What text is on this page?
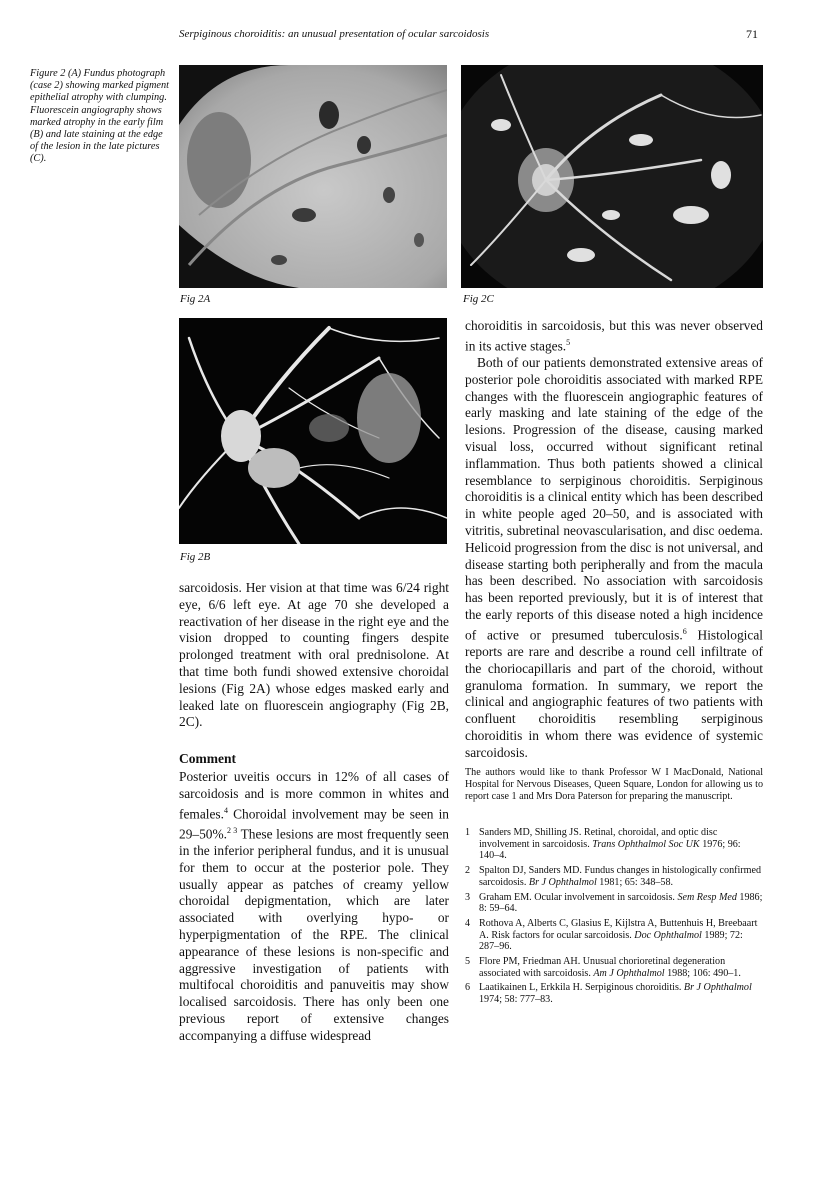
Serpiginous choroiditis: an unusual presentation of ocular sarcoidosis	71
Figure 2 (A) Fundus photograph (case 2) showing marked pigment epithelial atrophy with clumping. Fluorescein angiography shows marked atrophy in the early film (B) and late staining at the edge of the lesion in the late pictures (C).
Fig 2A
Fig 2B
Fig 2C

sarcoidosis. Her vision at that time was 6/24 right eye, 6/6 left eye. At age 70 she developed a reactivation of her disease in the right eye and the vision dropped to counting fingers despite prolonged treatment with oral prednisolone. At that time both fundi showed extensive choroidal lesions (Fig 2A) whose edges masked early and leaked late on fluorescein angiography (Fig 2B, 2C).

Comment

Posterior uveitis occurs in 12% of all cases of sarcoidosis and is more common in whites and females.$^4$ Choroidal involvement may be seen in 29–50%.$^{2 3}$ These lesions are most frequently seen in the inferior peripheral fundus, and it is unusual for them to occur at the posterior pole. They usually appear as patches of creamy yellow choroidal depigmentation, which are later associated with overlying hypo- or hyperpigmentation of the RPE. The clinical appearance of these lesions is non-specific and aggressive investigation of patients with multifocal choroiditis and panuveitis may show localised sarcoidosis. There has only been one previous report of extensive changes accompanying a diffuse widespread

choroiditis in sarcoidosis, but this was never observed in its active stages.$^5$

Both of our patients demonstrated extensive areas of posterior pole choroiditis associated with marked RPE changes with the fluorescein angiographic features of early masking and late staining of the edge of the lesions. Progression of the disease, causing marked visual loss, occurred without significant retinal inflammation. Thus both patients showed a clinical resemblance to serpiginous choroiditis. Serpiginous choroiditis is a clinical entity which has been described in white people aged 20–50, and is associated with vitritis, subretinal neovascularisation, and disc oedema. Helicoid progression from the disc is not universal, and disease starting both peripherally and from the macula has been described. No association with sarcoidosis has been reported previously, but it is of interest that the early reports of this disease noted a high incidence of active or presumed tuberculosis.$^6$ Histological reports are rare and describe a round cell infiltrate of the choriocapillaris and part of the choroid, without granuloma formation. In summary, we report the clinical and angiographic features of two patients with confluent choroiditis resembling serpiginous choroiditis in whom there was evidence of systemic sarcoidosis.

The authors would like to thank Professor W I MacDonald, National Hospital for Nervous Diseases, Queen Square, London for allowing us to report case 1 and Mrs Dora Paterson for preparing the manuscript.
1 Sanders MD, Shilling JS. Retinal, choroidal, and optic disc involvement in sarcoidosis. Trans Ophthalmol Soc UK 1976; 96: 140–4.
2 Spalton DJ, Sanders MD. Fundus changes in histologically confirmed sarcoidosis. Br J Ophthalmol 1981; 65: 348–58.
3 Graham EM. Ocular involvement in sarcoidosis. Sem Resp Med 1986; 8: 59–64.
4 Rothova A, Alberts C, Glasius E, Kijlstra A, Buttenhuis H, Breebaart A. Risk factors for ocular sarcoidosis. Doc Ophthalmol 1989; 72: 287–96.
5 Flore PM, Friedman AH. Unusual chorioretinal degeneration associated with sarcoidosis. Am J Ophthalmol 1988; 106: 490–1.
6 Laatikainen L, Erkkila H. Serpiginous choroiditis. Br J Ophthalmol 1974; 58: 777–83.
